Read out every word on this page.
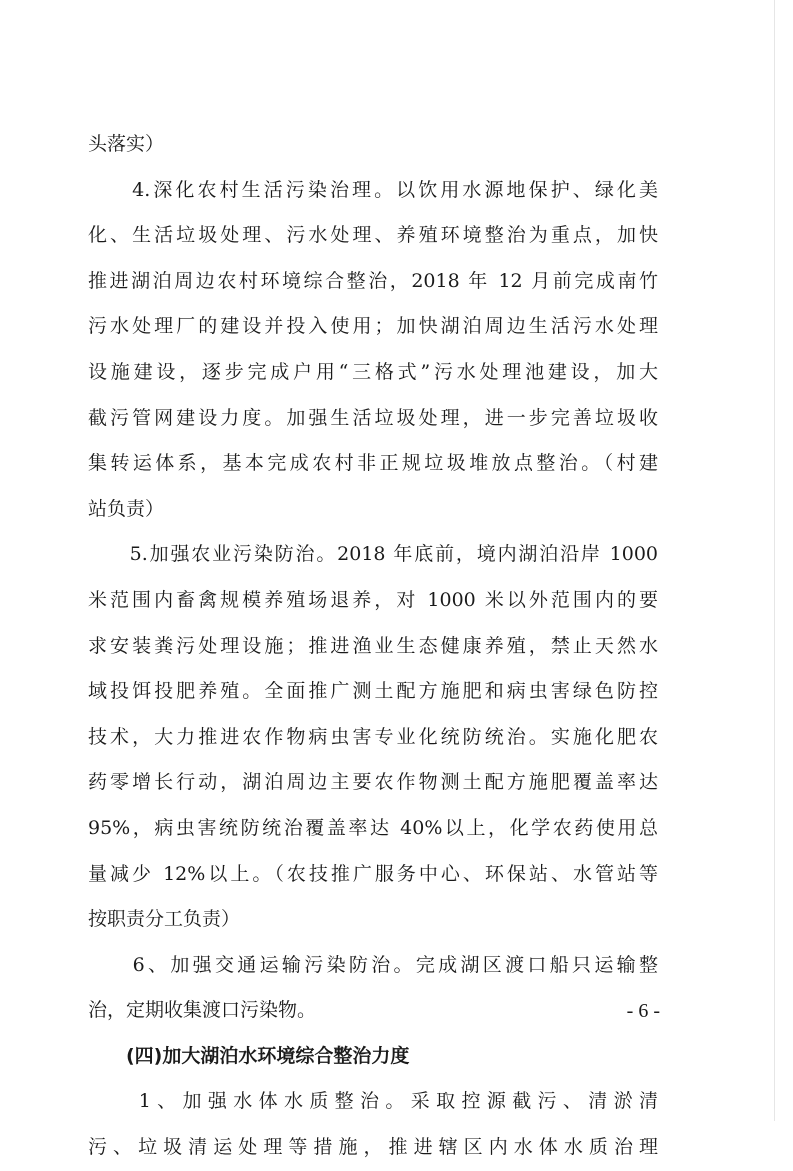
头落实）
　　4.深化农村生活污染治理。以饮用水源地保护、绿化美
化、生活垃圾处理、污水处理、养殖环境整治为重点，加快
推进湖泊周边农村环境综合整治，2018 年 12 月前完成南竹
污水处理厂的建设并投入使用；加快湖泊周边生活污水处理
设施建设，逐步完成户用“三格式”污水处理池建设，加大
截污管网建设力度。加强生活垃圾处理，进一步完善垃圾收
集转运体系，基本完成农村非正规垃圾堆放点整治。（村建
站负责）
　　5.加强农业污染防治。2018 年底前，境内湖泊沿岸 1000
米范围内畜禽规模养殖场退养，对 1000 米以外范围内的要
求安装粪污处理设施；推进渔业生态健康养殖，禁止天然水
域投饵投肥养殖。全面推广测土配方施肥和病虫害绿色防控
技术，大力推进农作物病虫害专业化统防统治。实施化肥农
药零增长行动，湖泊周边主要农作物测土配方施肥覆盖率达
95%，病虫害统防统治覆盖率达 40%以上，化学农药使用总
量减少 12%以上。（农技推广服务中心、环保站、水管站等
按职责分工负责）
　　6、加强交通运输污染防治。完成湖区渡口船只运输整
治，定期收集渡口污染物。
　　(四)加大湖泊水环境综合整治力度
　　1、加强水体水质整治。采取控源截污、清淤清
污、垃圾清运处理等措施，推进辖区内水体水质治理
- 6 -
